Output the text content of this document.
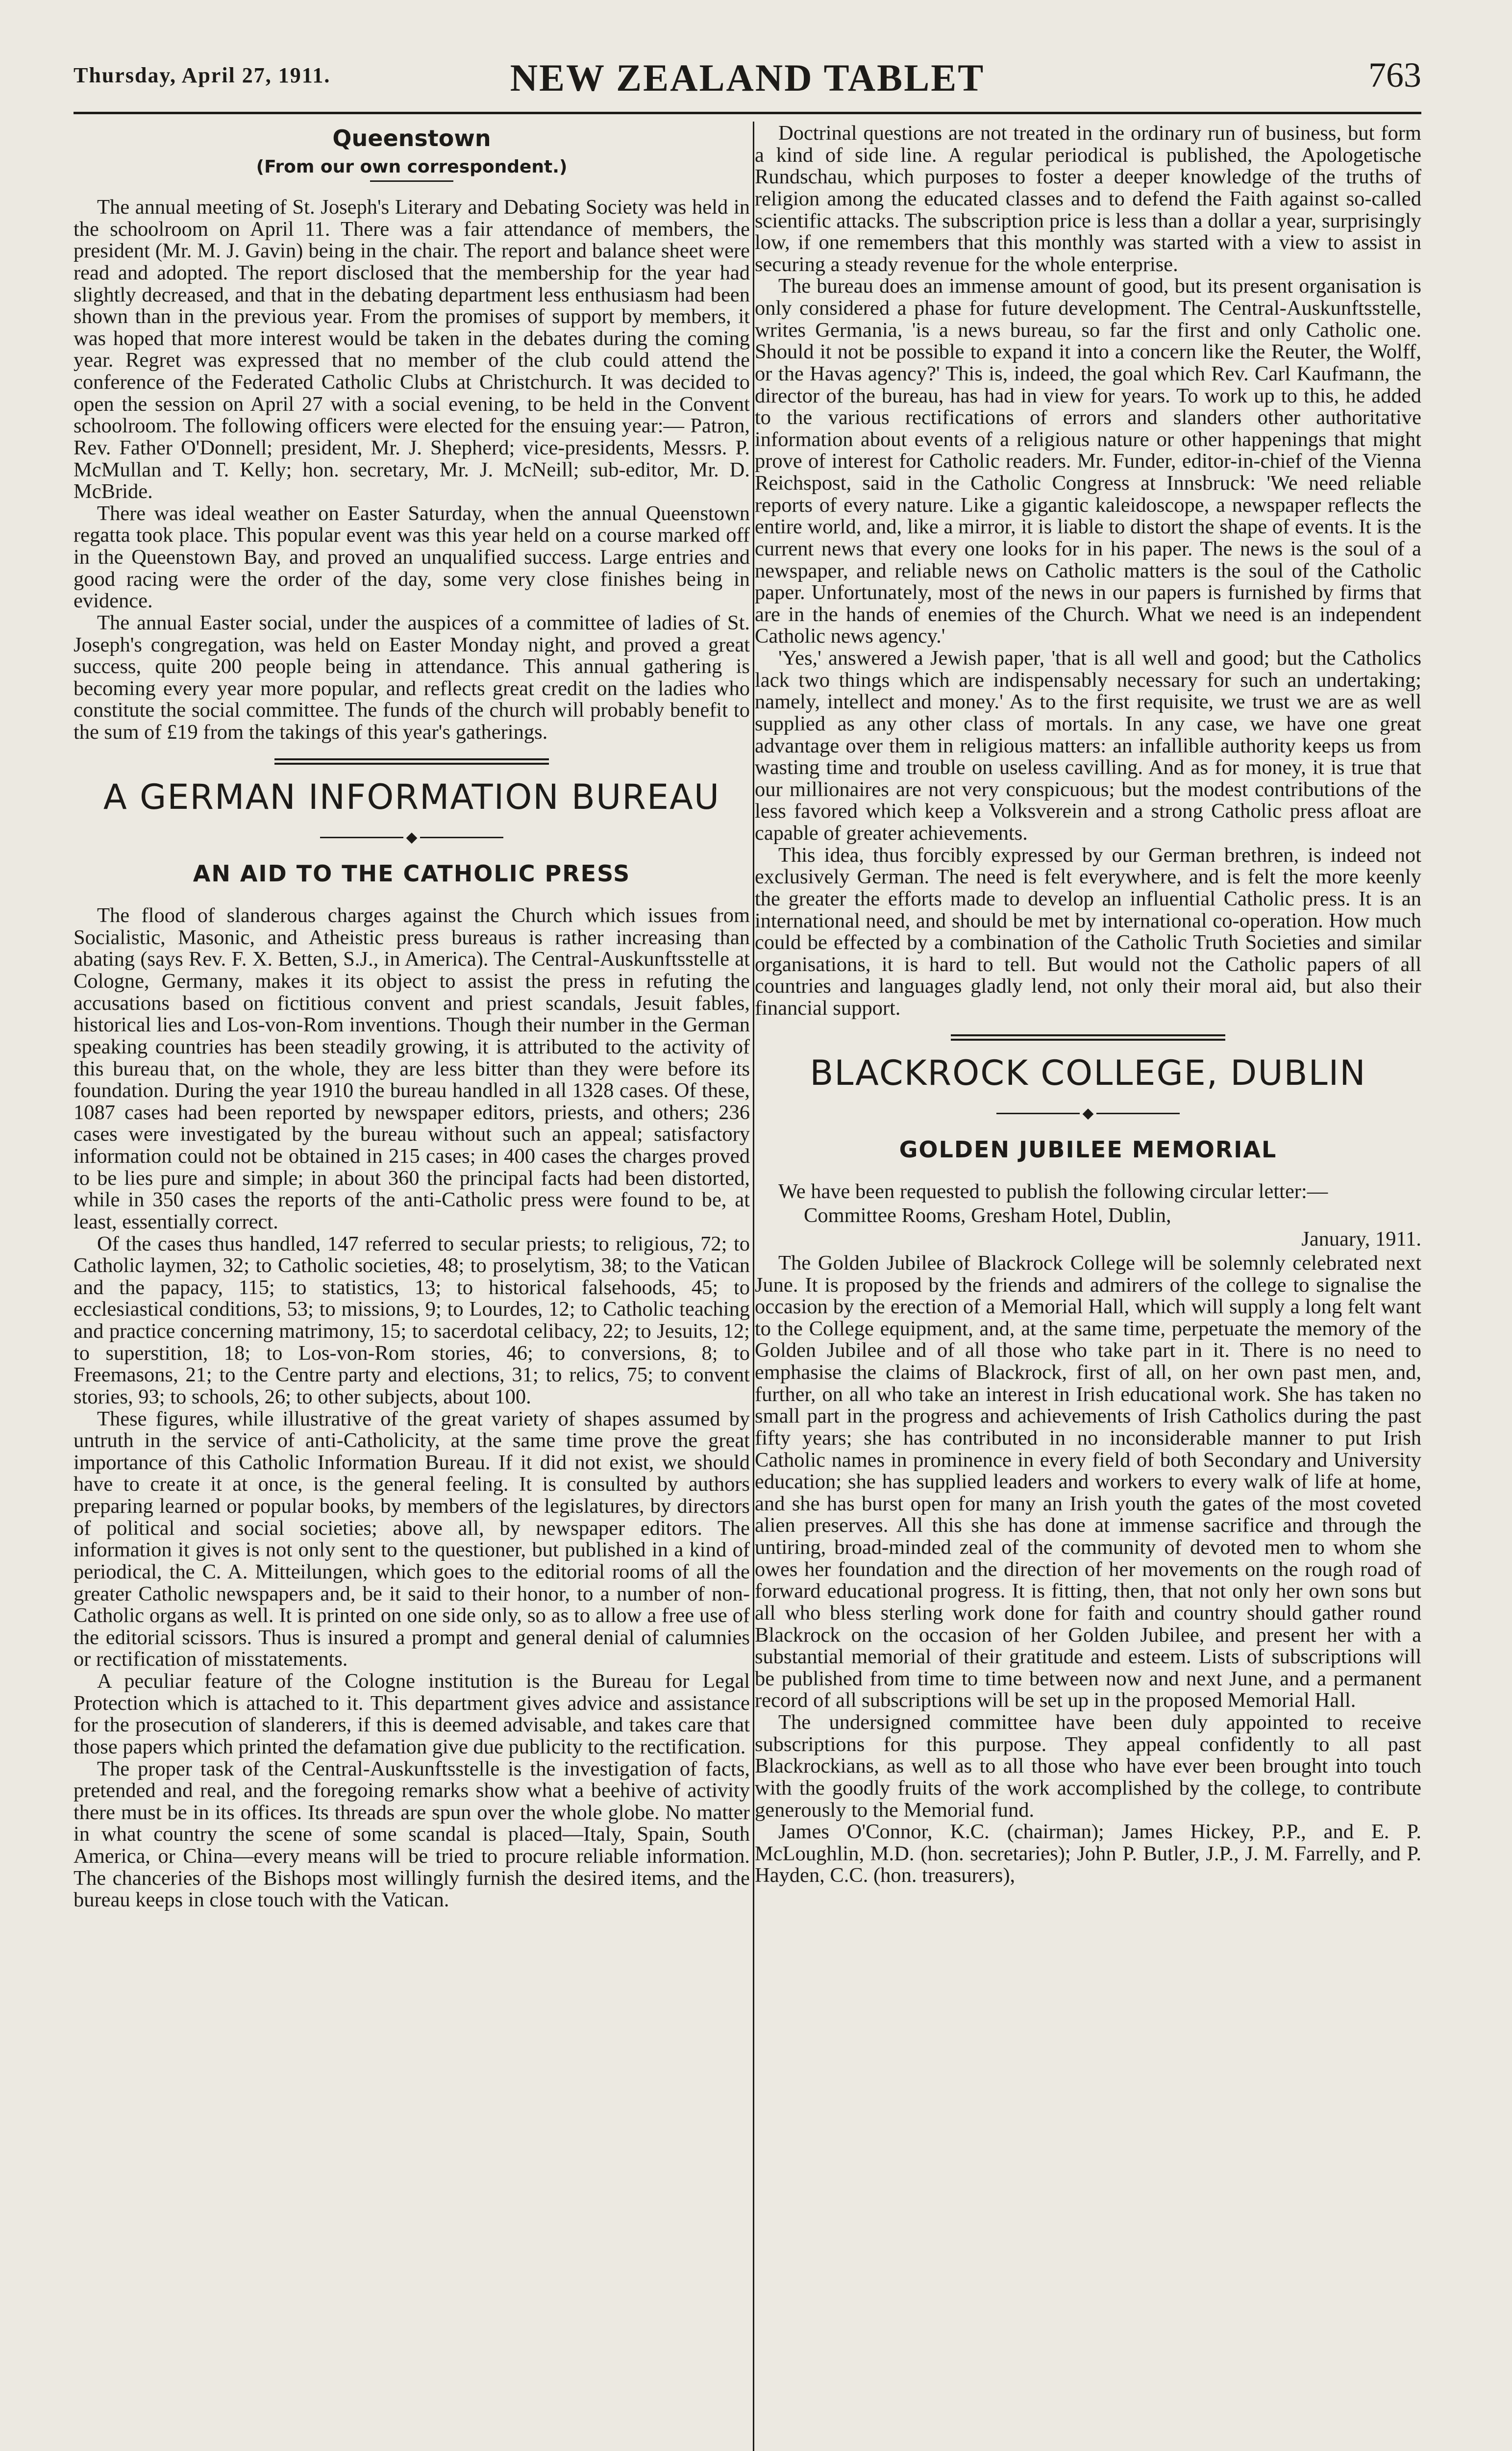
Thursday, April 27, 1911.	NEW ZEALAND TABLET	763
Queenstown
(From our own correspondent.)

The annual meeting of St. Joseph's Literary and Debating Society was held in the schoolroom on April 11. There was a fair attendance of members, the president (Mr. M. J. Gavin) being in the chair. The report and balance sheet were read and adopted. The report disclosed that the membership for the year had slightly decreased, and that in the debating department less enthusiasm had been shown than in the previous year. From the promises of support by members, it was hoped that more interest would be taken in the debates during the coming year. Regret was expressed that no member of the club could attend the conference of the Federated Catholic Clubs at Christchurch. It was decided to open the session on April 27 with a social evening, to be held in the Convent schoolroom. The following officers were elected for the ensuing year:— Patron, Rev. Father O'Donnell; president, Mr. J. Shepherd; vice-presidents, Messrs. P. McMullan and T. Kelly; hon. secretary, Mr. J. McNeill; sub-editor, Mr. D. McBride.

There was ideal weather on Easter Saturday, when the annual Queenstown regatta took place. This popular event was this year held on a course marked off in the Queenstown Bay, and proved an unqualified success. Large entries and good racing were the order of the day, some very close finishes being in evidence.

The annual Easter social, under the auspices of a committee of ladies of St. Joseph's congregation, was held on Easter Monday night, and proved a great success, quite 200 people being in attendance. This annual gathering is becoming every year more popular, and reflects great credit on the ladies who constitute the social committee. The funds of the church will probably benefit to the sum of £19 from the takings of this year's gatherings.

A GERMAN INFORMATION BUREAU
◆
AN AID TO THE CATHOLIC PRESS

The flood of slanderous charges against the Church which issues from Socialistic, Masonic, and Atheistic press bureaus is rather increasing than abating (says Rev. F. X. Betten, S.J., in America). The Central-Auskunftsstelle at Cologne, Germany, makes it its object to assist the press in refuting the accusations based on fictitious convent and priest scandals, Jesuit fables, historical lies and Los-von-Rom inventions. Though their number in the German speaking countries has been steadily growing, it is attributed to the activity of this bureau that, on the whole, they are less bitter than they were before its foundation. During the year 1910 the bureau handled in all 1328 cases. Of these, 1087 cases had been reported by newspaper editors, priests, and others; 236 cases were investigated by the bureau without such an appeal; satisfactory information could not be obtained in 215 cases; in 400 cases the charges proved to be lies pure and simple; in about 360 the principal facts had been distorted, while in 350 cases the reports of the anti-Catholic press were found to be, at least, essentially correct.

Of the cases thus handled, 147 referred to secular priests; to religious, 72; to Catholic laymen, 32; to Catholic societies, 48; to proselytism, 38; to the Vatican and the papacy, 115; to statistics, 13; to historical falsehoods, 45; to ecclesiastical conditions, 53; to missions, 9; to Lourdes, 12; to Catholic teaching and practice concerning matrimony, 15; to sacerdotal celibacy, 22; to Jesuits, 12; to superstition, 18; to Los-von-Rom stories, 46; to conversions, 8; to Freemasons, 21; to the Centre party and elections, 31; to relics, 75; to convent stories, 93; to schools, 26; to other subjects, about 100.

These figures, while illustrative of the great variety of shapes assumed by untruth in the service of anti-Catholicity, at the same time prove the great importance of this Catholic Information Bureau. If it did not exist, we should have to create it at once, is the general feeling. It is consulted by authors preparing learned or popular books, by members of the legislatures, by directors of political and social societies; above all, by newspaper editors. The information it gives is not only sent to the questioner, but published in a kind of periodical, the C. A. Mitteilungen, which goes to the editorial rooms of all the greater Catholic newspapers and, be it said to their honor, to a number of non-Catholic organs as well. It is printed on one side only, so as to allow a free use of the editorial scissors. Thus is insured a prompt and general denial of calumnies or rectification of misstatements.

A peculiar feature of the Cologne institution is the Bureau for Legal Protection which is attached to it. This department gives advice and assistance for the prosecution of slanderers, if this is deemed advisable, and takes care that those papers which printed the defamation give due publicity to the rectification.

The proper task of the Central-Auskunftsstelle is the investigation of facts, pretended and real, and the foregoing remarks show what a beehive of activity there must be in its offices. Its threads are spun over the whole globe. No matter in what country the scene of some scandal is placed—Italy, Spain, South America, or China—every means will be tried to procure reliable information. The chanceries of the Bishops most willingly furnish the desired items, and the bureau keeps in close touch with the Vatican.

Doctrinal questions are not treated in the ordinary run of business, but form a kind of side line. A regular periodical is published, the Apologetische Rundschau, which purposes to foster a deeper knowledge of the truths of religion among the educated classes and to defend the Faith against so-called scientific attacks. The subscription price is less than a dollar a year, surprisingly low, if one remembers that this monthly was started with a view to assist in securing a steady revenue for the whole enterprise.

The bureau does an immense amount of good, but its present organisation is only considered a phase for future development. The Central-Auskunftsstelle, writes Germania, 'is a news bureau, so far the first and only Catholic one. Should it not be possible to expand it into a concern like the Reuter, the Wolff, or the Havas agency?' This is, indeed, the goal which Rev. Carl Kaufmann, the director of the bureau, has had in view for years. To work up to this, he added to the various rectifications of errors and slanders other authoritative information about events of a religious nature or other happenings that might prove of interest for Catholic readers. Mr. Funder, editor-in-chief of the Vienna Reichspost, said in the Catholic Congress at Innsbruck: 'We need reliable reports of every nature. Like a gigantic kaleidoscope, a newspaper reflects the entire world, and, like a mirror, it is liable to distort the shape of events. It is the current news that every one looks for in his paper. The news is the soul of a newspaper, and reliable news on Catholic matters is the soul of the Catholic paper. Unfortunately, most of the news in our papers is furnished by firms that are in the hands of enemies of the Church. What we need is an independent Catholic news agency.'

'Yes,' answered a Jewish paper, 'that is all well and good; but the Catholics lack two things which are indispensably necessary for such an undertaking; namely, intellect and money.' As to the first requisite, we trust we are as well supplied as any other class of mortals. In any case, we have one great advantage over them in religious matters: an infallible authority keeps us from wasting time and trouble on useless cavilling. And as for money, it is true that our millionaires are not very conspicuous; but the modest contributions of the less favored which keep a Volksverein and a strong Catholic press afloat are capable of greater achievements.

This idea, thus forcibly expressed by our German brethren, is indeed not exclusively German. The need is felt everywhere, and is felt the more keenly the greater the efforts made to develop an influential Catholic press. It is an international need, and should be met by international co-operation. How much could be effected by a combination of the Catholic Truth Societies and similar organisations, it is hard to tell. But would not the Catholic papers of all countries and languages gladly lend, not only their moral aid, but also their financial support.

BLACKROCK COLLEGE, DUBLIN
◆
GOLDEN JUBILEE MEMORIAL

We have been requested to publish the following circular letter:—

Committee Rooms, Gresham Hotel, Dublin,
January, 1911.

The Golden Jubilee of Blackrock College will be solemnly celebrated next June. It is proposed by the friends and admirers of the college to signalise the occasion by the erection of a Memorial Hall, which will supply a long felt want to the College equipment, and, at the same time, perpetuate the memory of the Golden Jubilee and of all those who take part in it. There is no need to emphasise the claims of Blackrock, first of all, on her own past men, and, further, on all who take an interest in Irish educational work. She has taken no small part in the progress and achievements of Irish Catholics during the past fifty years; she has contributed in no inconsiderable manner to put Irish Catholic names in prominence in every field of both Secondary and University education; she has supplied leaders and workers to every walk of life at home, and she has burst open for many an Irish youth the gates of the most coveted alien preserves. All this she has done at immense sacrifice and through the untiring, broad-minded zeal of the community of devoted men to whom she owes her foundation and the direction of her movements on the rough road of forward educational progress. It is fitting, then, that not only her own sons but all who bless sterling work done for faith and country should gather round Blackrock on the occasion of her Golden Jubilee, and present her with a substantial memorial of their gratitude and esteem. Lists of subscriptions will be published from time to time between now and next June, and a permanent record of all subscriptions will be set up in the proposed Memorial Hall.

The undersigned committee have been duly appointed to receive subscriptions for this purpose. They appeal confidently to all past Blackrockians, as well as to all those who have ever been brought into touch with the goodly fruits of the work accomplished by the college, to contribute generously to the Memorial fund.

James O'Connor, K.C. (chairman); James Hickey, P.P., and E. P. McLoughlin, M.D. (hon. secretaries); John P. Butler, J.P., J. M. Farrelly, and P. Hayden, C.C. (hon. treasurers),
